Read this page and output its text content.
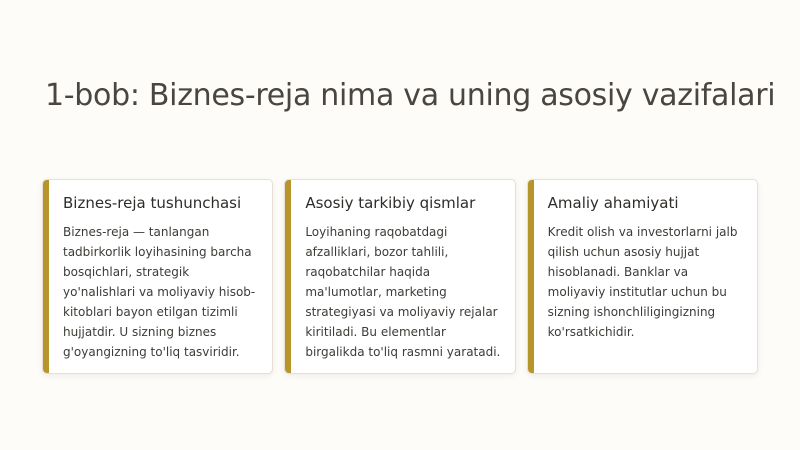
1-bob: Biznes-reja nima va uning asosiy vazifalari
Biznes-reja tushunchasi

Biznes-reja — tanlangan tadbirkorlik loyihasining barcha bosqichlari, strategik yo'nalishlari va moliyaviy hisob-kitoblari bayon etilgan tizimli hujjatdir. U sizning biznes g'oyangizning to'liq tasviridir.

Asosiy tarkibiy qismlar

Loyihaning raqobatdagi afzalliklari, bozor tahlili, raqobatchilar haqida ma'lumotlar, marketing strategiyasi va moliyaviy rejalar kiritiladi. Bu elementlar birgalikda to'liq rasmni yaratadi.

Amaliy ahamiyati

Kredit olish va investorlarni jalb qilish uchun asosiy hujjat hisoblanadi. Banklar va moliyaviy institutlar uchun bu sizning ishonchliligingizning ko'rsatkichidir.
